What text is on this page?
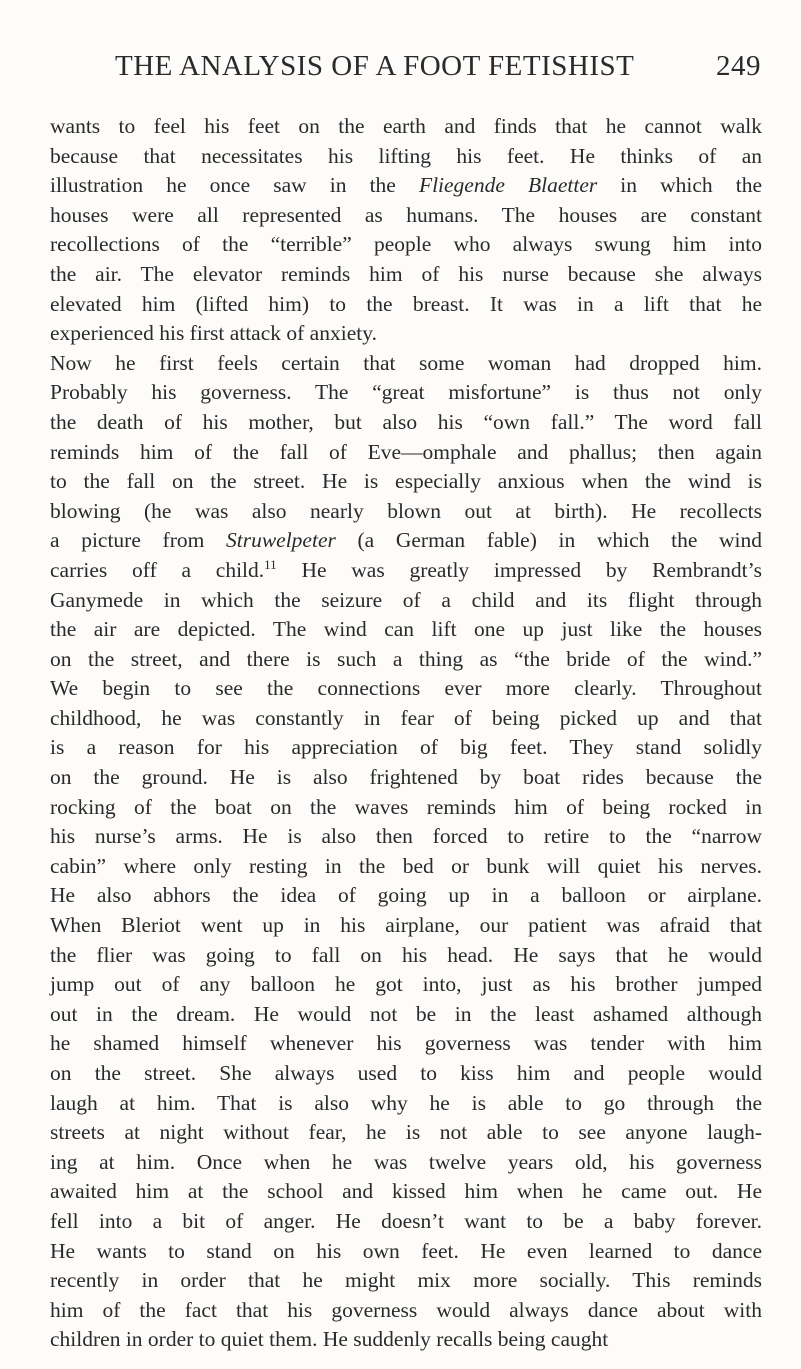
THE ANALYSIS OF A FOOT FETISHIST	249
wants to feel his feet on the earth and finds that he cannot walk
because that necessitates his lifting his feet. He thinks of an
illustration he once saw in the Fliegende Blaetter in which the
houses were all represented as humans. The houses are constant
recollections of the “terrible” people who always swung him into
the air. The elevator reminds him of his nurse because she always
elevated him (lifted him) to the breast. It was in a lift that he
experienced his first attack of anxiety.
Now he first feels certain that some woman had dropped him.
Probably his governess. The “great misfortune” is thus not only
the death of his mother, but also his “own fall.” The word fall
reminds him of the fall of Eve—omphale and phallus; then again
to the fall on the street. He is especially anxious when the wind is
blowing (he was also nearly blown out at birth). He recollects
a picture from Struwelpeter (a German fable) in which the wind
carries off a child.$^{11}$ He was greatly impressed by Rembrandt’s
Ganymede in which the seizure of a child and its flight through
the air are depicted. The wind can lift one up just like the houses
on the street, and there is such a thing as “the bride of the wind.”
We begin to see the connections ever more clearly. Throughout
childhood, he was constantly in fear of being picked up and that
is a reason for his appreciation of big feet. They stand solidly
on the ground. He is also frightened by boat rides because the
rocking of the boat on the waves reminds him of being rocked in
his nurse’s arms. He is also then forced to retire to the “narrow
cabin” where only resting in the bed or bunk will quiet his nerves.
He also abhors the idea of going up in a balloon or airplane.
When Bleriot went up in his airplane, our patient was afraid that
the flier was going to fall on his head. He says that he would
jump out of any balloon he got into, just as his brother jumped
out in the dream. He would not be in the least ashamed although
he shamed himself whenever his governess was tender with him
on the street. She always used to kiss him and people would
laugh at him. That is also why he is able to go through the
streets at night without fear, he is not able to see anyone laugh-
ing at him. Once when he was twelve years old, his governess
awaited him at the school and kissed him when he came out. He
fell into a bit of anger. He doesn’t want to be a baby forever.
He wants to stand on his own feet. He even learned to dance
recently in order that he might mix more socially. This reminds
him of the fact that his governess would always dance about with
children in order to quiet them. He suddenly recalls being caught
